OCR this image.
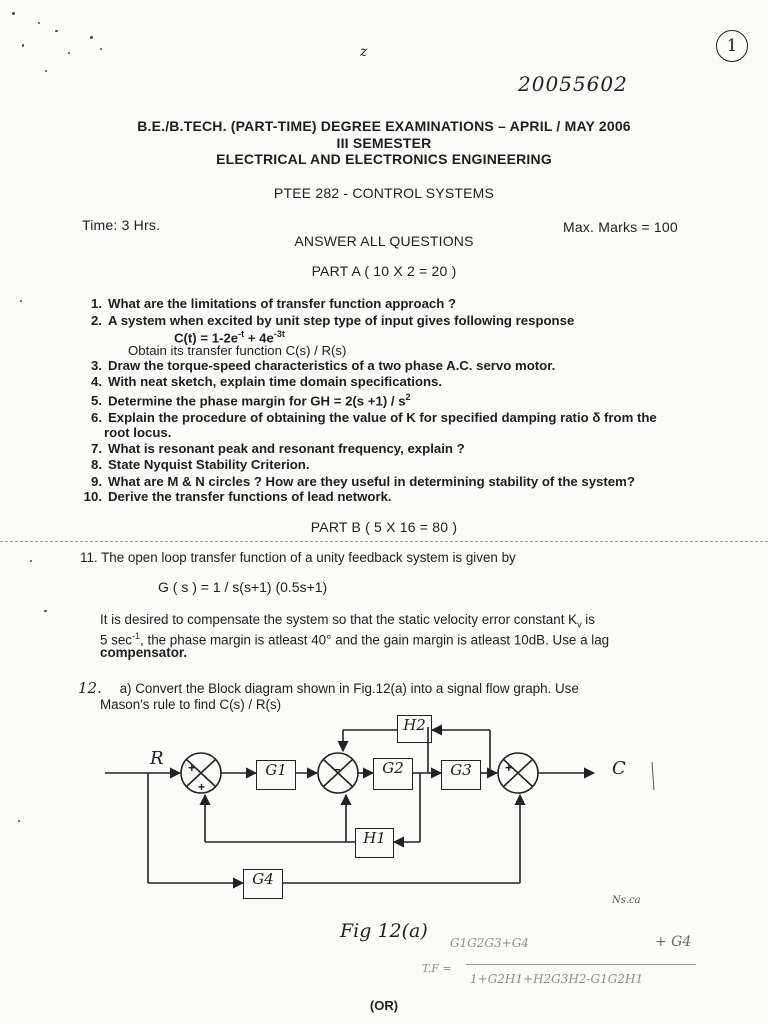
z	1
20055602
B.E./B.TECH. (PART-TIME) DEGREE EXAMINATIONS – APRIL / MAY 2006
III SEMESTER
ELECTRICAL AND ELECTRONICS ENGINEERING
PTEE 282 - CONTROL SYSTEMS
Time: 3 Hrs.	Max. Marks = 100
ANSWER ALL QUESTIONS
PART A ( 10 X 2 = 20 )
1. What are the limitations of transfer function approach ?
2. A system when excited by unit step type of input gives following response
$C(t) = 1-2e^{-t} + 4e^{-3t}$
Obtain its transfer function C(s) / R(s)
3. Draw the torque-speed characteristics of a two phase A.C. servo motor.
4. With neat sketch, explain time domain specifications.
5. Determine the phase margin for GH = $2(s +1) / s^2$
6. Explain the procedure of obtaining the value of K for specified damping ratio δ from the
root locus.
7. What is resonant peak and resonant frequency, explain ?
8. State Nyquist Stability Criterion.
9. What are M & N circles ? How are they useful in determining stability of the system?
10. Derive the transfer functions of lead network.
PART B ( 5 X 16 = 80 )
11. The open loop transfer function of a unity feedback system is given by
G ( s ) = 1 / s(s+1) (0.5s+1)
It is desired to compensate the system so that the static velocity error constant $K_v$ is
5 $\sec^{-1}$, the phase margin is atleast 40° and the gain margin is atleast 10dB. Use a lag
compensator.
12. a) Convert the Block diagram shown in Fig.12(a) into a signal flow graph. Use
Mason's rule to find C(s) / R(s)
+
+
−	+
G1	G2	G3
H1
H2
G4
R	C
Fig 12(a)
Ns.ca
G1G2G3+G4	+ G4
T.F =
1+G2H1+H2G3H2-G1G2H1
(OR)
